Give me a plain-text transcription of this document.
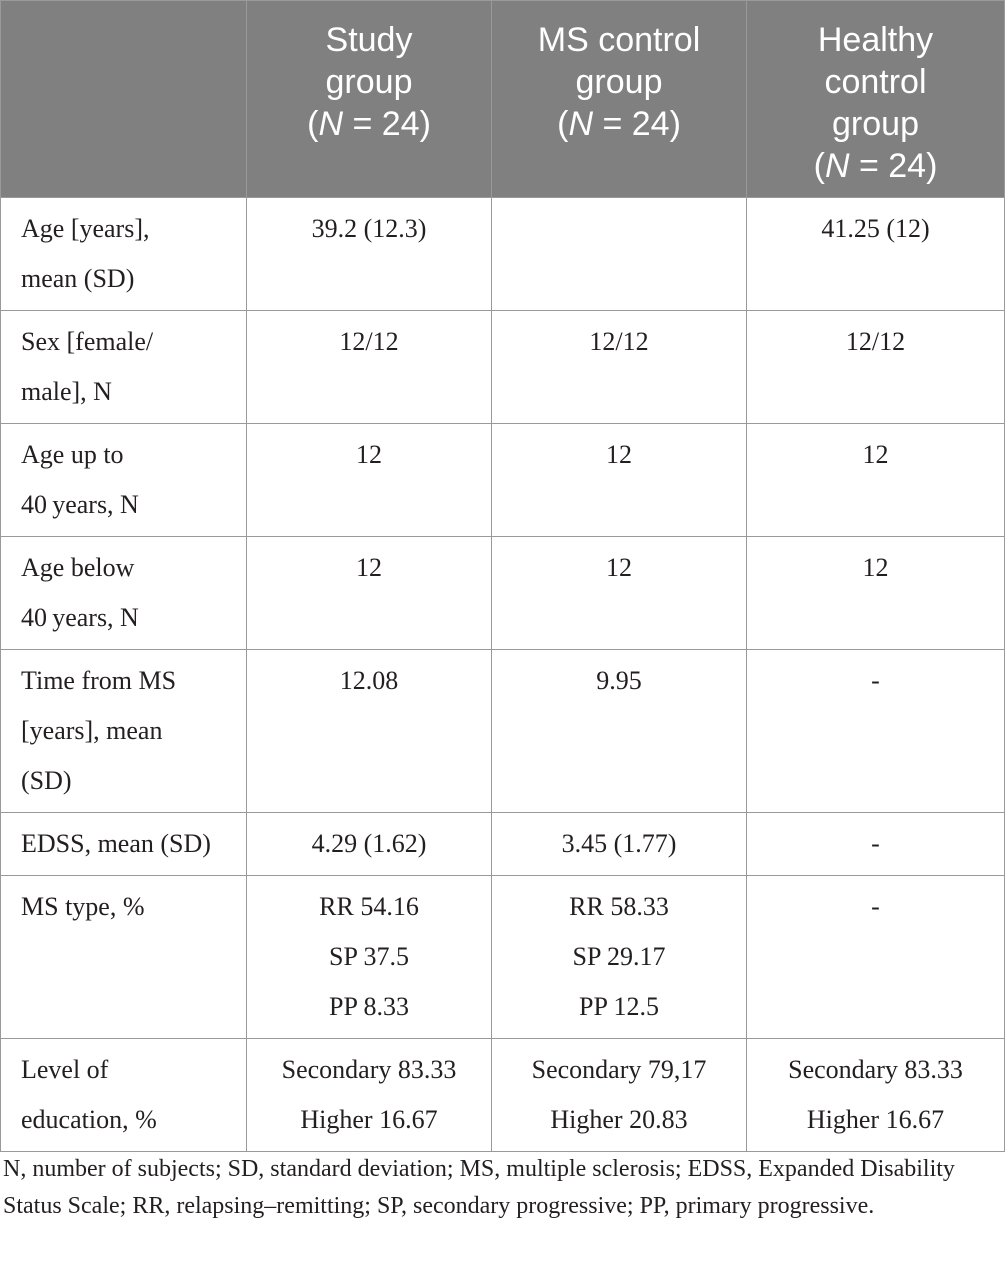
	Study
group
(N = 24)	MS control
group
(N = 24)	Healthy
control
group
(N = 24)

Age [years],
mean (SD)	39.2 (12.3)		41.25 (12)

Sex [female/
male], N	12/12	12/12	12/12

Age up to
40 years, N	12	12	12

Age below
40 years, N	12	12	12

Time from MS
[years], mean
(SD)	12.08	9.95	-

EDSS, mean (SD)	4.29 (1.62)	3.45 (1.77)	-

MS type, %	RR 54.16
SP 37.5
PP 8.33	RR 58.33
SP 29.17
PP 12.5	-

Level of
education, %	Secondary 83.33
Higher 16.67	Secondary 79,17
Higher 20.83	Secondary 83.33
Higher 16.67
N, number of subjects; SD, standard deviation; MS, multiple sclerosis; EDSS, Expanded Disability Status Scale; RR, relapsing–remitting; SP, secondary progressive; PP, primary progressive.
